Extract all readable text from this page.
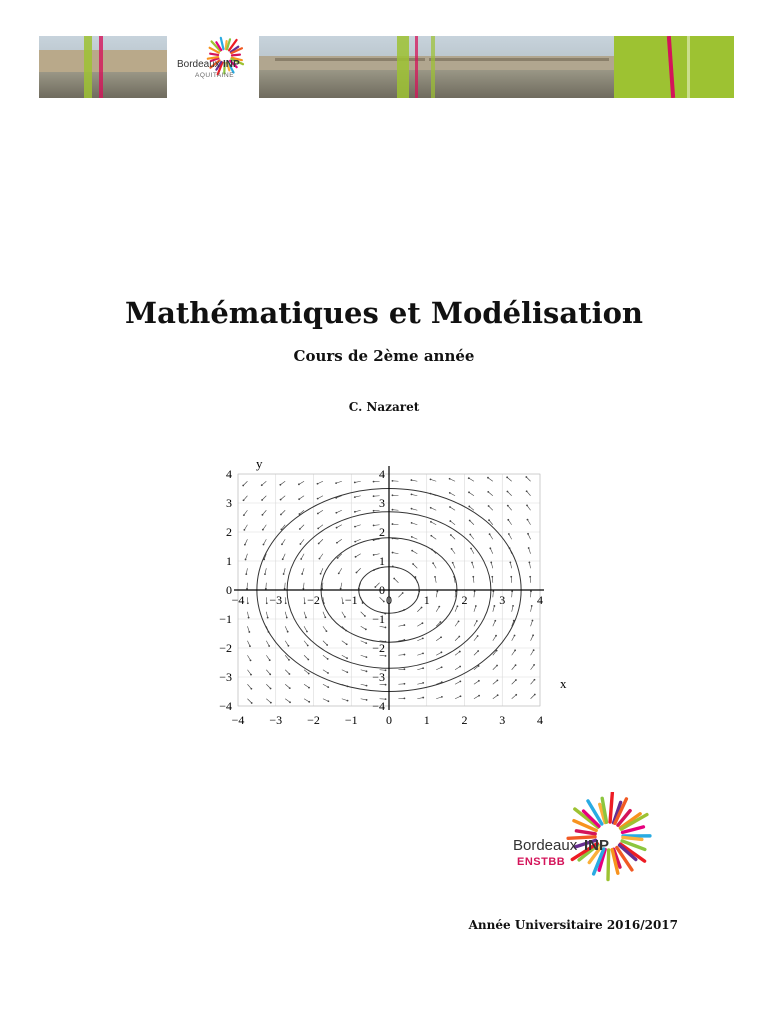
Bordeaux INP
AQUITAINE
Mathématiques et Modélisation
Cours de 2ème année
C. Nazaret
−4
−4
−4
−4
−3
−3
−3
−3
−2
−2
−2
−2
−1
−1
−1
−1
0
0
0
0
1
1
1
1
2
2
2
2
3
3
3
3
4
4
4
4
y
x
Bordeaux INP
ENSTBB
Année Universitaire 2016/2017
